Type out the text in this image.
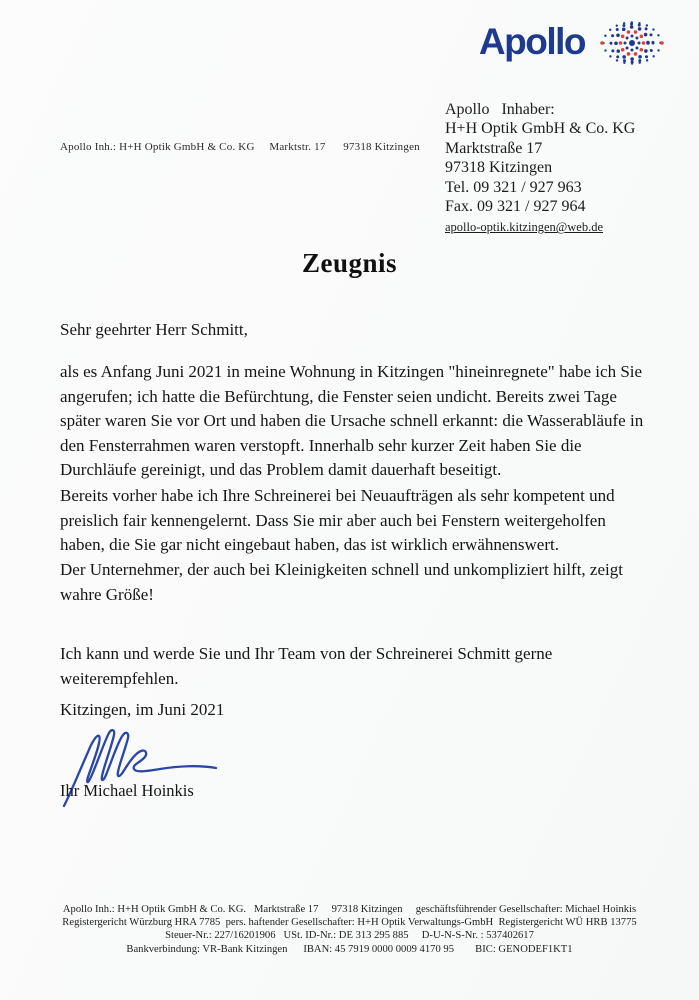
Apollo
Apollo Inh.: H+H Optik GmbH & Co. KG     Marktstr. 17      97318 Kitzingen
Apollo   Inhaber:
H+H Optik GmbH & Co. KG
Marktstraße 17
97318 Kitzingen
Tel. 09 321 / 927 963
Fax. 09 321 / 927 964
apollo-optik.kitzingen@web.de
Zeugnis

Sehr geehrter Herr Schmitt,

als es Anfang Juni 2021 in meine Wohnung in Kitzingen "hineinregnete" habe ich Sie angerufen; ich hatte die Befürchtung, die Fenster seien undicht. Bereits zwei Tage später waren Sie vor Ort und haben die Ursache schnell erkannt: die Wasserabläufe in den Fensterrahmen waren verstopft. Innerhalb sehr kurzer Zeit haben Sie die Durchläufe gereinigt, und das Problem damit dauerhaft beseitigt.

Bereits vorher habe ich Ihre Schreinerei bei Neuaufträgen als sehr kompetent und preislich fair kennengelernt. Dass Sie mir aber auch bei Fenstern weitergeholfen haben, die Sie gar nicht eingebaut haben, das ist wirklich erwähnenswert.

Der Unternehmer, der auch bei Kleinigkeiten schnell und unkompliziert hilft, zeigt wahre Größe!

Ich kann und werde Sie und Ihr Team von der Schreinerei Schmitt gerne weiterempfehlen.

Kitzingen, im Juni 2021

Ihr Michael Hoinkis

Apollo Inh.: H+H Optik GmbH & Co. KG.   Marktstraße 17     97318 Kitzingen     geschäftsführender Gesellschafter: Michael Hoinkis
Registergericht Würzburg HRA 7785  pers. haftender Gesellschafter: H+H Optik Verwaltungs-GmbH  Registergericht WÜ HRB 13775
Steuer-Nr.: 227/16201906   USt. ID-Nr.: DE 313 295 885     D-U-N-S-Nr. : 537402617
Bankverbindung: VR-Bank Kitzingen      IBAN: 45 7919 0000 0009 4170 95        BIC: GENODEF1KT1
